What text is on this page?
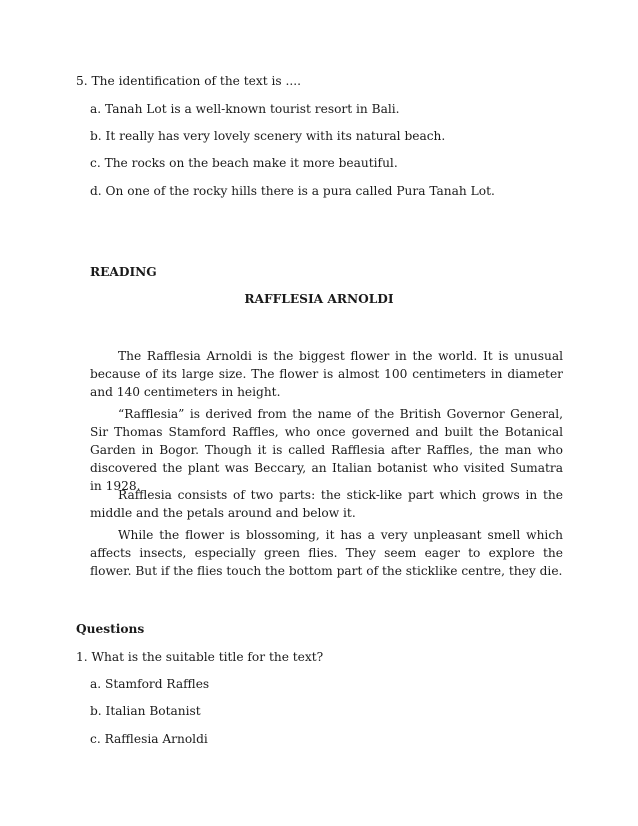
5. The identification of the text is ....
a. Tanah Lot is a well-known tourist resort in Bali.
b. It really has very lovely scenery with its natural beach.
c. The rocks on the beach make it more beautiful.
d. On one of the rocky hills there is a pura called Pura Tanah Lot.
READING
RAFFLESIA ARNOLDI

The Rafflesia Arnoldi is the biggest flower in the world. It is unusual because of its large size. The flower is almost 100 centimeters in diameter and 140 centimeters in height.

“Rafflesia” is derived from the name of the British Governor General, Sir Thomas Stamford Raffles, who once governed and built the Botanical Garden in Bogor. Though it is called Rafflesia after Raffles, the man who discovered the plant was Beccary, an Italian botanist who visited Sumatra in 1928.

Rafflesia consists of two parts: the stick-like part which grows in the middle and the petals around and below it.

While the flower is blossoming, it has a very unpleasant smell which affects insects, especially green flies. They seem eager to explore the flower. But if the flies touch the bottom part of the sticklike centre, they die.

Questions
1. What is the suitable title for the text?
a. Stamford Raffles
b. Italian Botanist
c. Rafflesia Arnoldi
